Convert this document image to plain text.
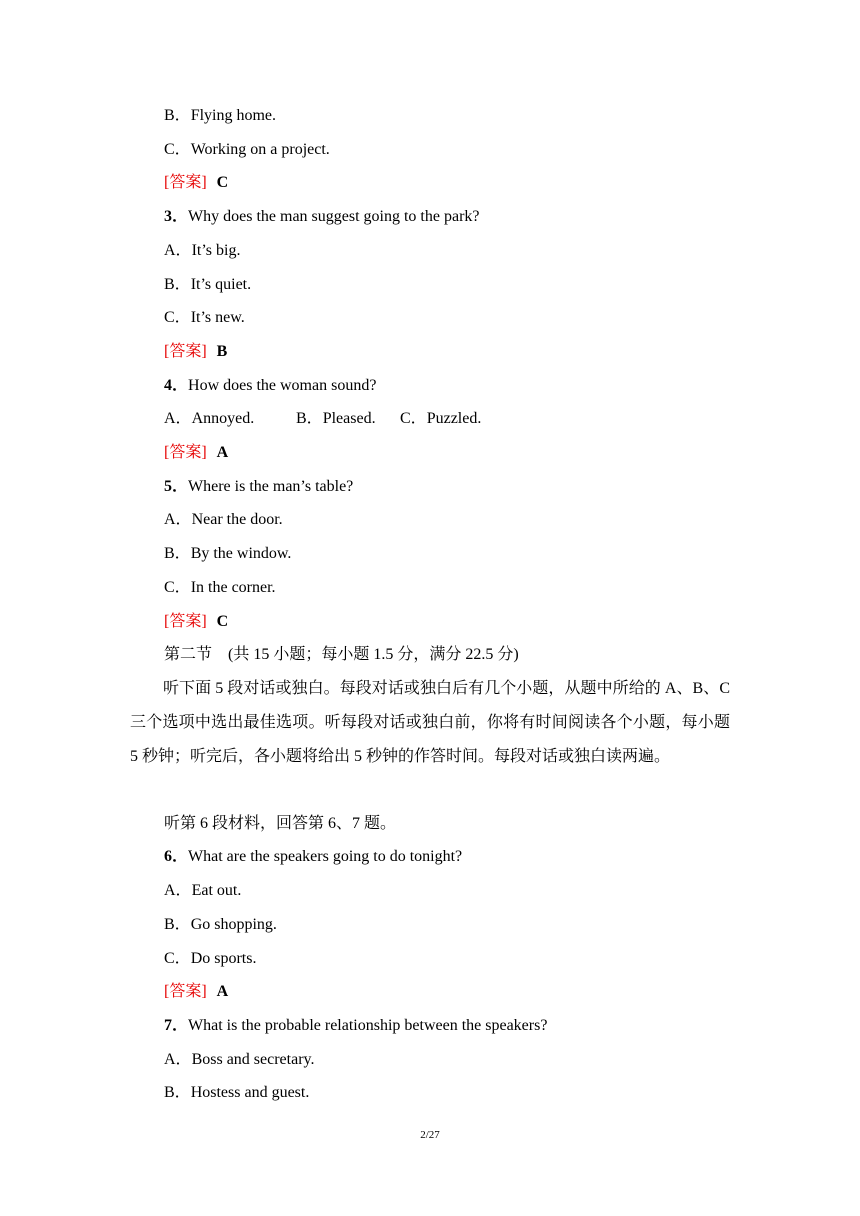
B．Flying home.
C．Working on a project.
[答案] C
3．Why does the man suggest going to the park?
A．It’s big.
B．It’s quiet.
C．It’s new.
[答案] B
4．How does the woman sound?
A．Annoyed.	B．Pleased. C．Puzzled.
[答案] A
5．Where is the man’s table?
A．Near the door.
B．By the window.
C．In the corner.
[答案] C
第二节　(共 15 小题；每小题 1.5 分，满分 22.5 分)
听下面 5 段对话或独白。每段对话或独白后有几个小题，从题中所给的 A、B、C 三个选项中选出最佳选项。听每段对话或独白前，你将有时间阅读各个小题，每小题 5 秒钟；听完后，各小题将给出 5 秒钟的作答时间。每段对话或独白读两遍。
听第 6 段材料，回答第 6、7 题。
6．What are the speakers going to do tonight?
A．Eat out.
B．Go shopping.
C．Do sports.
[答案] A
7．What is the probable relationship between the speakers?
A．Boss and secretary.
B．Hostess and guest.
2/27
